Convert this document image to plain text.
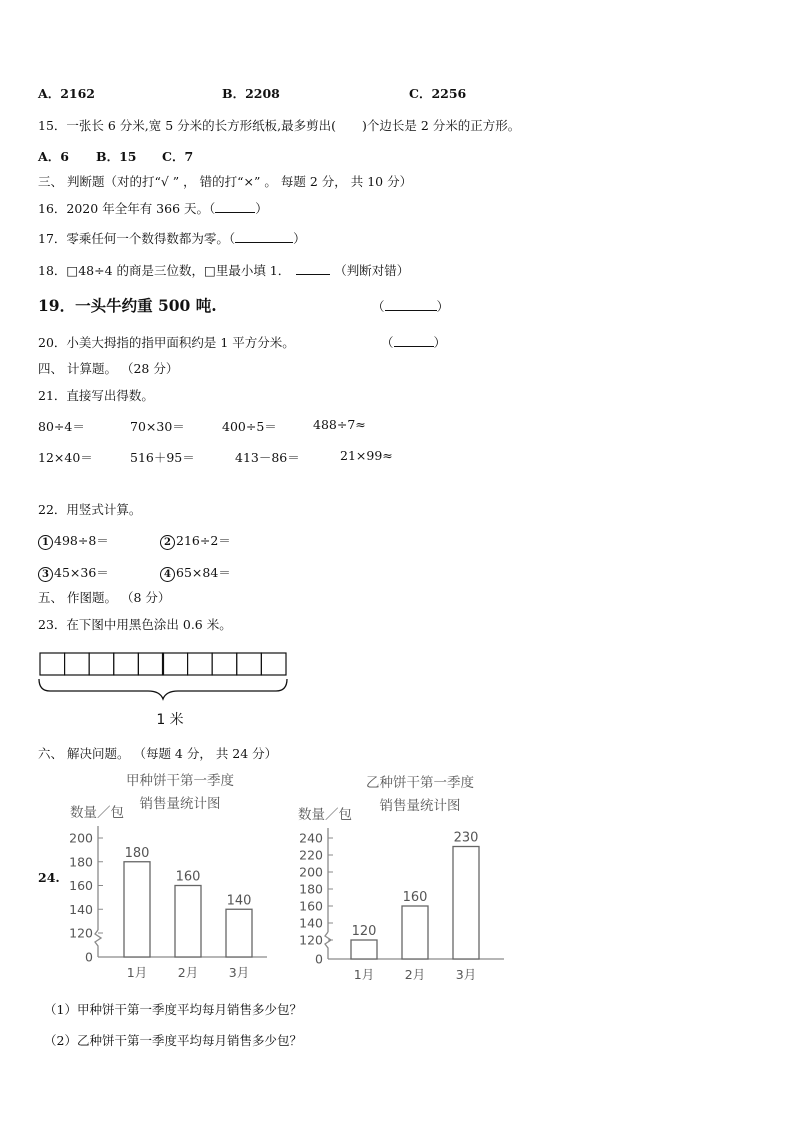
A．2162	B．2208	C．2256
15．一张长 6 分米,宽 5 分米的长方形纸板,最多剪出( )个边长是 2 分米的正方形。
A．6 B．15 C．7
三、 判断题（对的打“√ ” ， 错的打“×” 。 每题 2 分， 共 10 分）
16．2020 年全年有 366 天。（	）
17．零乘任何一个数得数都为零。（	）
18．□48÷4 的商是三位数，□里最小填 1．	（判断对错）
19．一头牛约重 500 吨.	（	）
20．小美大拇指的指甲面积约是 1 平方分米。	（	）
四、 计算题。 （28 分）
21．直接写出得数。
80÷4＝	70×30＝	400÷5＝	488÷7≈
12×40＝	516＋95＝	413－86＝	21×99≈
22．用竖式计算。
1 498÷8＝	2 216÷2＝
3 45×36＝	4 65×84＝
五、 作图题。 （8 分）
23．在下图中用黑色涂出 0.6 米。
1 米
六、 解决问题。 （每题 4 分， 共 24 分）
24.
甲种饼干第一季度
销售量统计图
数量／包
0
120
140
160
180
200
180
1月
160
2月
140
3月
乙种饼干第一季度
销售量统计图
数量／包
0
120
140
160
180
200
220
240
120
1月
160
2月
230
3月
（1）甲种饼干第一季度平均每月销售多少包？
（2）乙种饼干第一季度平均每月销售多少包？
